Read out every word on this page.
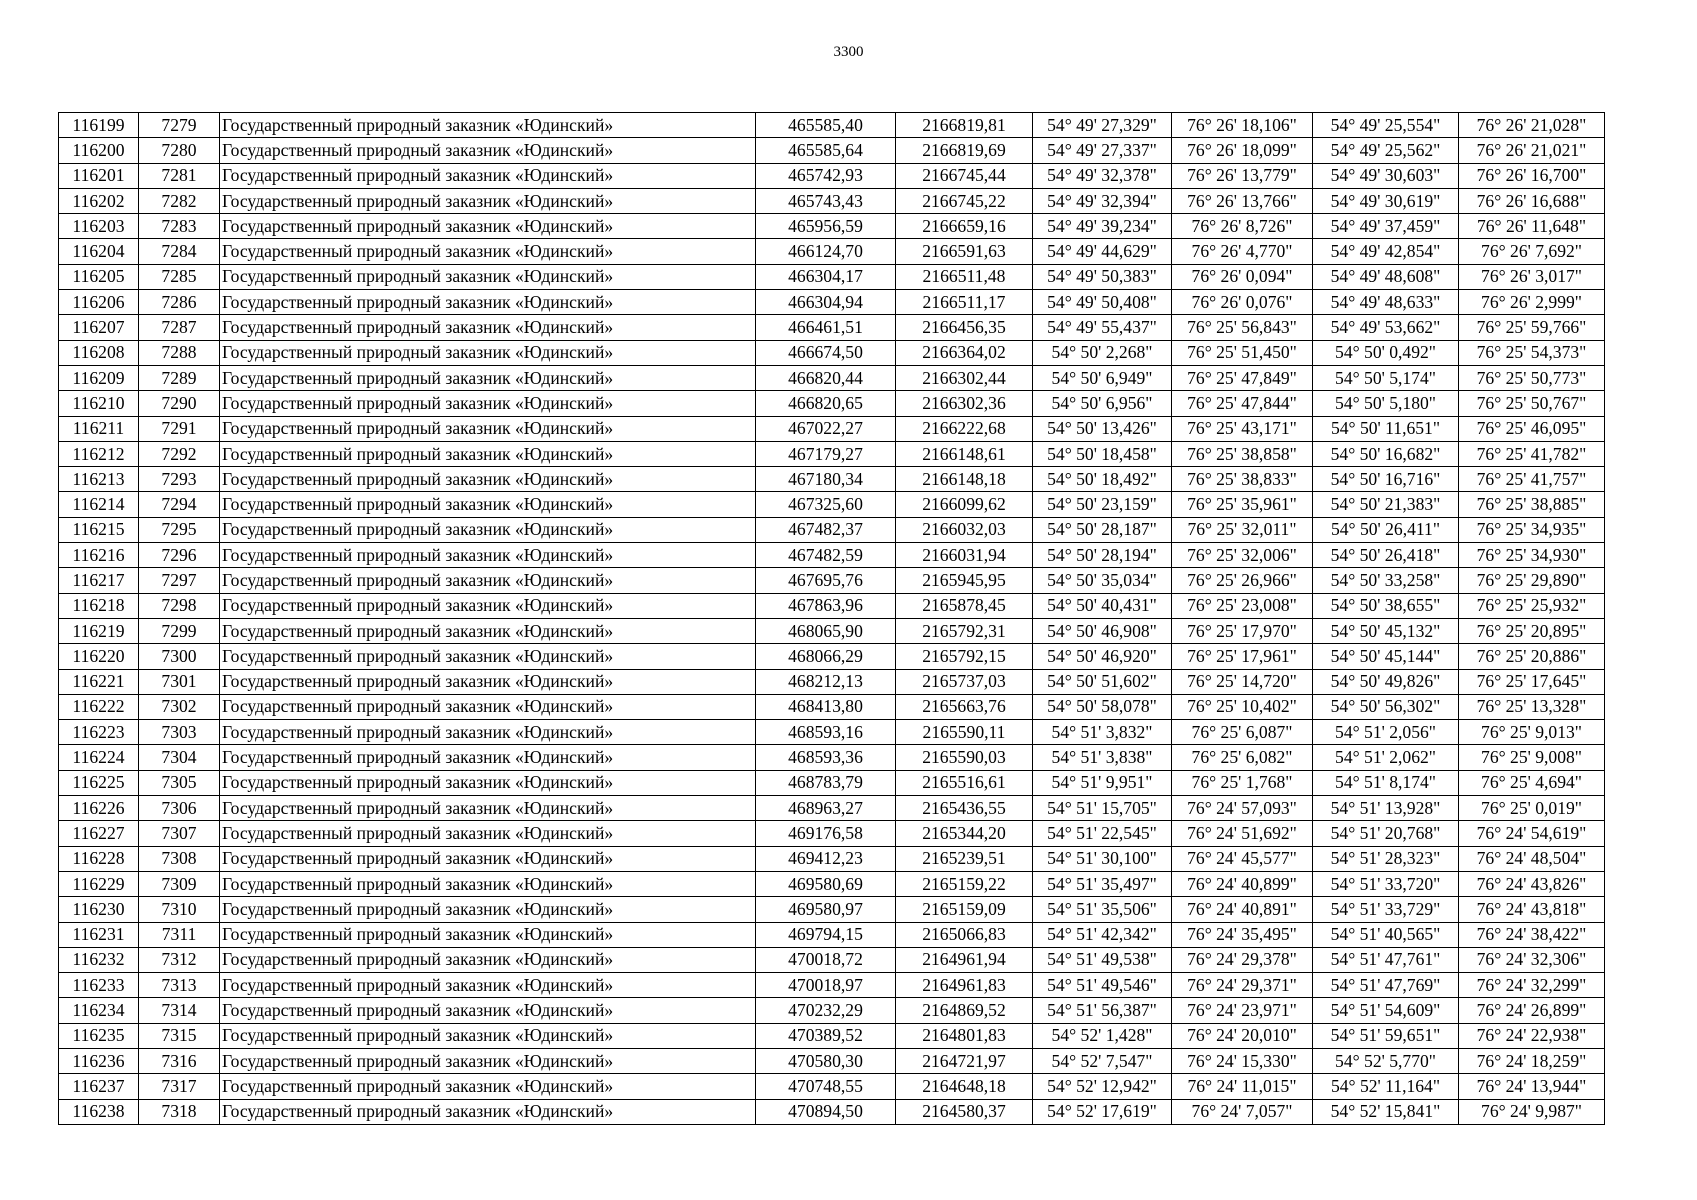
3300
116199	7279	Государственный природный заказник «Юдинский»	465585,40	2166819,81	54° 49' 27,329"	76° 26' 18,106"	54° 49' 25,554"	76° 26' 21,028"
116200	7280	Государственный природный заказник «Юдинский»	465585,64	2166819,69	54° 49' 27,337"	76° 26' 18,099"	54° 49' 25,562"	76° 26' 21,021"
116201	7281	Государственный природный заказник «Юдинский»	465742,93	2166745,44	54° 49' 32,378"	76° 26' 13,779"	54° 49' 30,603"	76° 26' 16,700"
116202	7282	Государственный природный заказник «Юдинский»	465743,43	2166745,22	54° 49' 32,394"	76° 26' 13,766"	54° 49' 30,619"	76° 26' 16,688"
116203	7283	Государственный природный заказник «Юдинский»	465956,59	2166659,16	54° 49' 39,234"	76° 26' 8,726"	54° 49' 37,459"	76° 26' 11,648"
116204	7284	Государственный природный заказник «Юдинский»	466124,70	2166591,63	54° 49' 44,629"	76° 26' 4,770"	54° 49' 42,854"	76° 26' 7,692"
116205	7285	Государственный природный заказник «Юдинский»	466304,17	2166511,48	54° 49' 50,383"	76° 26' 0,094"	54° 49' 48,608"	76° 26' 3,017"
116206	7286	Государственный природный заказник «Юдинский»	466304,94	2166511,17	54° 49' 50,408"	76° 26' 0,076"	54° 49' 48,633"	76° 26' 2,999"
116207	7287	Государственный природный заказник «Юдинский»	466461,51	2166456,35	54° 49' 55,437"	76° 25' 56,843"	54° 49' 53,662"	76° 25' 59,766"
116208	7288	Государственный природный заказник «Юдинский»	466674,50	2166364,02	54° 50' 2,268"	76° 25' 51,450"	54° 50' 0,492"	76° 25' 54,373"
116209	7289	Государственный природный заказник «Юдинский»	466820,44	2166302,44	54° 50' 6,949"	76° 25' 47,849"	54° 50' 5,174"	76° 25' 50,773"
116210	7290	Государственный природный заказник «Юдинский»	466820,65	2166302,36	54° 50' 6,956"	76° 25' 47,844"	54° 50' 5,180"	76° 25' 50,767"
116211	7291	Государственный природный заказник «Юдинский»	467022,27	2166222,68	54° 50' 13,426"	76° 25' 43,171"	54° 50' 11,651"	76° 25' 46,095"
116212	7292	Государственный природный заказник «Юдинский»	467179,27	2166148,61	54° 50' 18,458"	76° 25' 38,858"	54° 50' 16,682"	76° 25' 41,782"
116213	7293	Государственный природный заказник «Юдинский»	467180,34	2166148,18	54° 50' 18,492"	76° 25' 38,833"	54° 50' 16,716"	76° 25' 41,757"
116214	7294	Государственный природный заказник «Юдинский»	467325,60	2166099,62	54° 50' 23,159"	76° 25' 35,961"	54° 50' 21,383"	76° 25' 38,885"
116215	7295	Государственный природный заказник «Юдинский»	467482,37	2166032,03	54° 50' 28,187"	76° 25' 32,011"	54° 50' 26,411"	76° 25' 34,935"
116216	7296	Государственный природный заказник «Юдинский»	467482,59	2166031,94	54° 50' 28,194"	76° 25' 32,006"	54° 50' 26,418"	76° 25' 34,930"
116217	7297	Государственный природный заказник «Юдинский»	467695,76	2165945,95	54° 50' 35,034"	76° 25' 26,966"	54° 50' 33,258"	76° 25' 29,890"
116218	7298	Государственный природный заказник «Юдинский»	467863,96	2165878,45	54° 50' 40,431"	76° 25' 23,008"	54° 50' 38,655"	76° 25' 25,932"
116219	7299	Государственный природный заказник «Юдинский»	468065,90	2165792,31	54° 50' 46,908"	76° 25' 17,970"	54° 50' 45,132"	76° 25' 20,895"
116220	7300	Государственный природный заказник «Юдинский»	468066,29	2165792,15	54° 50' 46,920"	76° 25' 17,961"	54° 50' 45,144"	76° 25' 20,886"
116221	7301	Государственный природный заказник «Юдинский»	468212,13	2165737,03	54° 50' 51,602"	76° 25' 14,720"	54° 50' 49,826"	76° 25' 17,645"
116222	7302	Государственный природный заказник «Юдинский»	468413,80	2165663,76	54° 50' 58,078"	76° 25' 10,402"	54° 50' 56,302"	76° 25' 13,328"
116223	7303	Государственный природный заказник «Юдинский»	468593,16	2165590,11	54° 51' 3,832"	76° 25' 6,087"	54° 51' 2,056"	76° 25' 9,013"
116224	7304	Государственный природный заказник «Юдинский»	468593,36	2165590,03	54° 51' 3,838"	76° 25' 6,082"	54° 51' 2,062"	76° 25' 9,008"
116225	7305	Государственный природный заказник «Юдинский»	468783,79	2165516,61	54° 51' 9,951"	76° 25' 1,768"	54° 51' 8,174"	76° 25' 4,694"
116226	7306	Государственный природный заказник «Юдинский»	468963,27	2165436,55	54° 51' 15,705"	76° 24' 57,093"	54° 51' 13,928"	76° 25' 0,019"
116227	7307	Государственный природный заказник «Юдинский»	469176,58	2165344,20	54° 51' 22,545"	76° 24' 51,692"	54° 51' 20,768"	76° 24' 54,619"
116228	7308	Государственный природный заказник «Юдинский»	469412,23	2165239,51	54° 51' 30,100"	76° 24' 45,577"	54° 51' 28,323"	76° 24' 48,504"
116229	7309	Государственный природный заказник «Юдинский»	469580,69	2165159,22	54° 51' 35,497"	76° 24' 40,899"	54° 51' 33,720"	76° 24' 43,826"
116230	7310	Государственный природный заказник «Юдинский»	469580,97	2165159,09	54° 51' 35,506"	76° 24' 40,891"	54° 51' 33,729"	76° 24' 43,818"
116231	7311	Государственный природный заказник «Юдинский»	469794,15	2165066,83	54° 51' 42,342"	76° 24' 35,495"	54° 51' 40,565"	76° 24' 38,422"
116232	7312	Государственный природный заказник «Юдинский»	470018,72	2164961,94	54° 51' 49,538"	76° 24' 29,378"	54° 51' 47,761"	76° 24' 32,306"
116233	7313	Государственный природный заказник «Юдинский»	470018,97	2164961,83	54° 51' 49,546"	76° 24' 29,371"	54° 51' 47,769"	76° 24' 32,299"
116234	7314	Государственный природный заказник «Юдинский»	470232,29	2164869,52	54° 51' 56,387"	76° 24' 23,971"	54° 51' 54,609"	76° 24' 26,899"
116235	7315	Государственный природный заказник «Юдинский»	470389,52	2164801,83	54° 52' 1,428"	76° 24' 20,010"	54° 51' 59,651"	76° 24' 22,938"
116236	7316	Государственный природный заказник «Юдинский»	470580,30	2164721,97	54° 52' 7,547"	76° 24' 15,330"	54° 52' 5,770"	76° 24' 18,259"
116237	7317	Государственный природный заказник «Юдинский»	470748,55	2164648,18	54° 52' 12,942"	76° 24' 11,015"	54° 52' 11,164"	76° 24' 13,944"
116238	7318	Государственный природный заказник «Юдинский»	470894,50	2164580,37	54° 52' 17,619"	76° 24' 7,057"	54° 52' 15,841"	76° 24' 9,987"
